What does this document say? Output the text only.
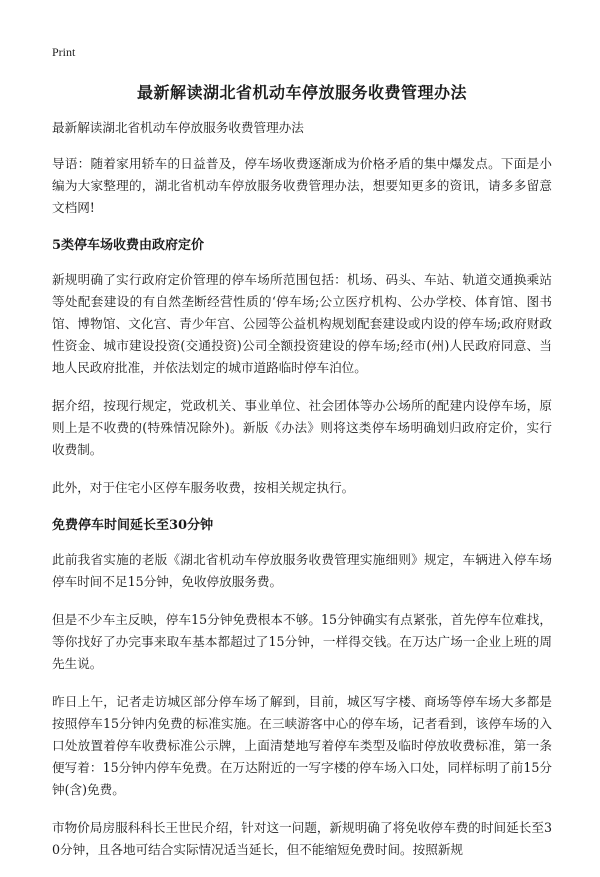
Print
最新解读湖北省机动车停放服务收费管理办法

最新解读湖北省机动车停放服务收费管理办法

导语：随着家用轿车的日益普及，停车场收费逐渐成为价格矛盾的集中爆发点。下面是小编为大家整理的，湖北省机动车停放服务收费管理办法，想要知更多的资讯，请多多留意文档网!

5类停车场收费由政府定价

新规明确了实行政府定价管理的停车场所范围包括：机场、码头、车站、轨道交通换乘站等处配套建设的有自然垄断经营性质的‘停车场;公立医疗机构、公办学校、体育馆、图书馆、博物馆、文化宫、青少年宫、公园等公益机构规划配套建设或内设的停车场;政府财政性资金、城市建设投资(交通投资)公司全额投资建设的停车场;经市(州)人民政府同意、当地人民政府批准，并依法划定的城市道路临时停车泊位。

据介绍，按现行规定，党政机关、事业单位、社会团体等办公场所的配建内设停车场，原则上是不收费的(特殊情况除外)。新版《办法》则将这类停车场明确划归政府定价，实行收费制。

此外，对于住宅小区停车服务收费，按相关规定执行。

免费停车时间延长至30分钟

此前我省实施的老版《湖北省机动车停放服务收费管理实施细则》规定，车辆进入停车场停车时间不足15分钟，免收停放服务费。

但是不少车主反映，停车15分钟免费根本不够。15分钟确实有点紧张，首先停车位难找，等你找好了办完事来取车基本都超过了15分钟，一样得交钱。在万达广场一企业上班的周先生说。

昨日上午，记者走访城区部分停车场了解到，目前，城区写字楼、商场等停车场大多都是按照停车15分钟内免费的标准实施。在三峡游客中心的停车场，记者看到，该停车场的入口处放置着停车收费标准公示牌，上面清楚地写着停车类型及临时停放收费标准，第一条便写着：15分钟内停车免费。在万达附近的一写字楼的停车场入口处，同样标明了前15分钟(含)免费。

市物价局房服科科长王世民介绍，针对这一问题，新规明确了将免收停车费的时间延长至30分钟，且各地可结合实际情况适当延长，但不能缩短免费时间。按照新规
